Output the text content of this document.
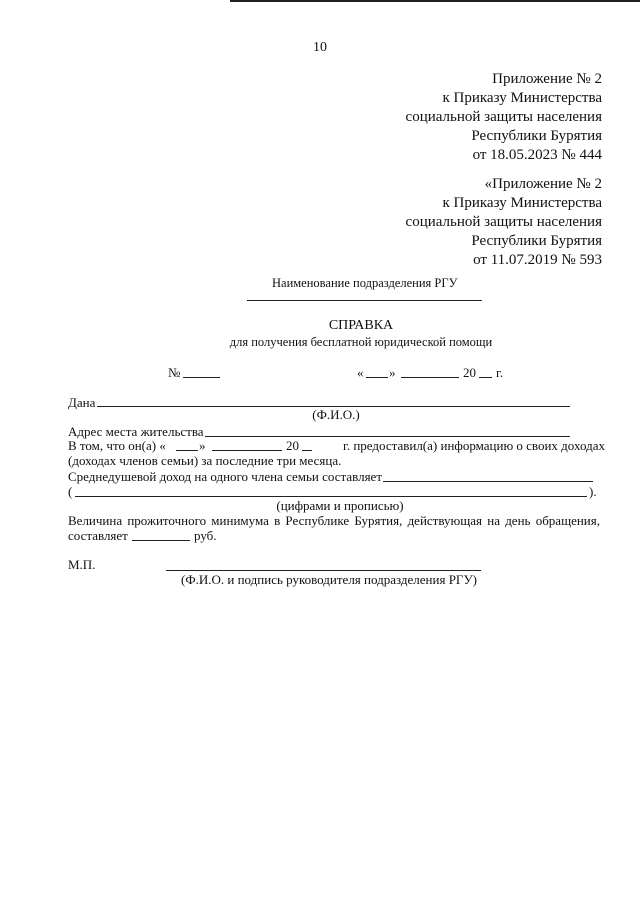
10
Приложение № 2
к Приказу Министерства
социальной защиты населения
Республики Бурятия
от 18.05.2023 № 444
«Приложение № 2
к Приказу Министерства
социальной защиты населения
Республики Бурятия
от 11.07.2019 № 593
Наименование подразделения РГУ
СПРАВКА
для получения бесплатной юридической помощи
№	« »	20 г.
Дана
(Ф.И.О.)
Адрес места жительства
В том, что он(а) «	»	20	г. предоставил(а) информацию о своих доходах
(доходах членов семьи) за последние три месяца.
Среднедушевой доход на одного члена семьи составляет
(	).
(цифрами и прописью)
Величина прожиточного минимума в Республике Бурятия, действующая на день обращения,
составляет	руб.
М.П.
(Ф.И.О. и подпись руководителя подразделения РГУ)
